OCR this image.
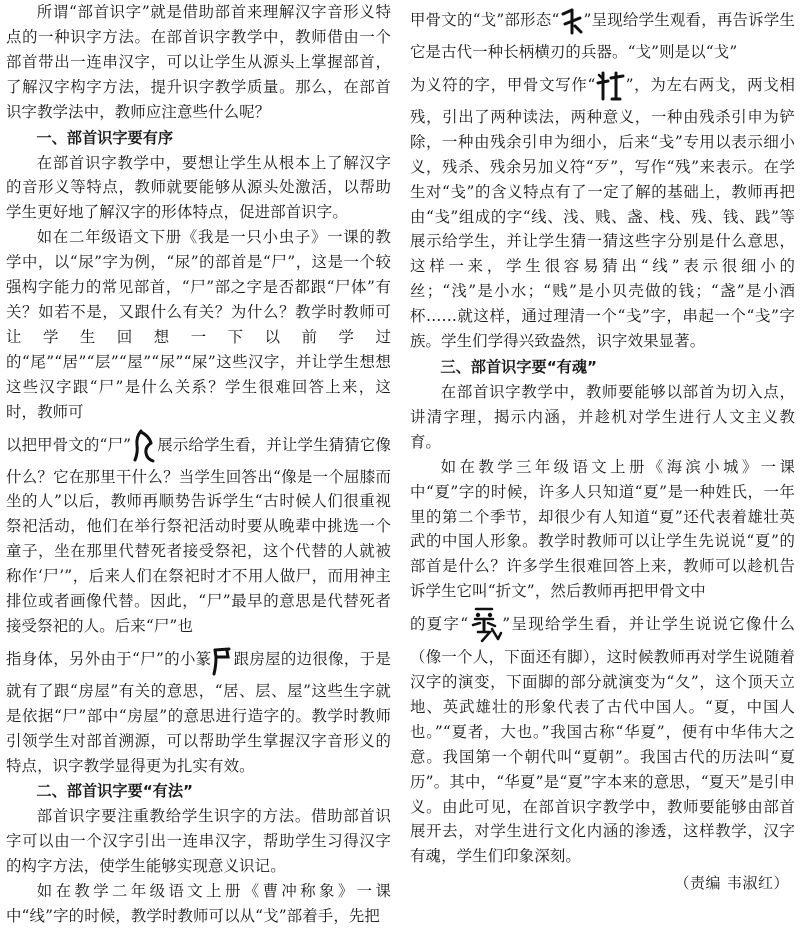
所谓“部首识字”就是借助部首来理解汉字音形义特点的一种识字方法。在部首识字教学中，教师借由一个部首带出一连串汉字，可以让学生从源头上掌握部首，了解汉字构字方法，提升识字教学质量。那么，在部首识字教学法中，教师应注意些什么呢？

一、部首识字要有序

在部首识字教学中，要想让学生从根本上了解汉字的音形义等特点，教师就要能够从源头处激活，以帮助学生更好地了解汉字的形体特点，促进部首识字。

如在二年级语文下册《我是一只小虫子》一课的教学中，以“尿”字为例，“尿”的部首是“尸”，这是一个较强构字能力的常见部首，“尸”部之字是否都跟“尸体”有关？如若不是，又跟什么有关？为什么？教学时教师可让学生回想一下以前学过的“尾”“居”“层”“屋”“尿”“屎”这些汉字，并让学生想想这些汉字跟“尸”是什么关系？学生很难回答上来，这时，教师可

以把甲骨文的“尸” 展示给学生看，并让学生猜猜它像什么？它在那里干什么？当学生回答出“像是一个屈膝而坐的人”以后，教师再顺势告诉学生“古时候人们很重视祭祀活动，他们在举行祭祀活动时要从晚辈中挑选一个童子，坐在那里代替死者接受祭祀，这个代替的人就被称作‘尸’”，后来人们在祭祀时才不用人做尸，而用神主排位或者画像代替。因此，“尸”最早的意思是代替死者接受祭祀的人。后来“尸”也

指身体，另外由于“尸”的小篆 跟房屋的边很像，于是就有了跟“房屋”有关的意思，“居、层、屋”这些生字就是依据“尸”部中“房屋”的意思进行造字的。教学时教师引领学生对部首溯源，可以帮助学生掌握汉字音形义的特点，识字教学显得更为扎实有效。

二、部首识字要“有法”

部首识字要注重教给学生识字的方法。借助部首识字可以由一个汉字引出一连串汉字，帮助学生习得汉字的构字方法，使学生能够实现意义识记。

如在教学二年级语文上册《曹冲称象》一课中“线”字的时候，教学时教师可以从“戈”部着手，先把

甲骨文的“戈”部形态“ ”呈现给学生观看，再告诉学生它是古代一种长柄横刃的兵器。“戈”则是以“戈”

为义符的字，甲骨文写作“ ”，为左右两戈，两戈相残，引出了两种读法，两种意义，一种由残杀引申为铲除，一种由残余引申为细小，后来“戋”专用以表示细小义，残杀、残余另加义符“歹”，写作“残”来表示。在学生对“戋”的含义特点有了一定了解的基础上，教师再把由“戋”组成的字“线、浅、贱、盏、栈、残、钱、践”等展示给学生，并让学生猜一猜这些字分别是什么意思，这样一来，学生很容易猜出“线”表示很细小的丝；“浅”是小水；“贱”是小贝壳做的钱；“盏”是小酒杯……就这样，通过理清一个“戋”字，串起一个“戋”字族。学生们学得兴致盎然，识字效果显著。

三、部首识字要“有魂”

在部首识字教学中，教师要能够以部首为切入点，讲清字理，揭示内涵，并趁机对学生进行人文主义教育。

如在教学三年级语文上册《海滨小城》一课中“夏”字的时候，许多人只知道“夏”是一种姓氏，一年里的第二个季节，却很少有人知道“夏”还代表着雄壮英武的中国人形象。教学时教师可以让学生先说说“夏”的部首是什么？许多学生很难回答上来，教师可以趁机告诉学生它叫“折文”，然后教师再把甲骨文中

的夏字“ ”呈现给学生看，并让学生说说它像什么（像一个人，下面还有脚），这时候教师再对学生说随着汉字的演变，下面脚的部分就演变为“夂”，这个顶天立地、英武雄壮的形象代表了古代中国人。“夏，中国人也。”“夏者，大也。”我国古称“华夏”，便有中华伟大之意。我国第一个朝代叫“夏朝”。我国古代的历法叫“夏历”。其中，“华夏”是“夏”字本来的意思，“夏天”是引申义。由此可见，在部首识字教学中，教师要能够由部首展开去，对学生进行文化内涵的渗透，这样教学，汉字有魂，学生们印象深刻。

（责编 韦淑红）
